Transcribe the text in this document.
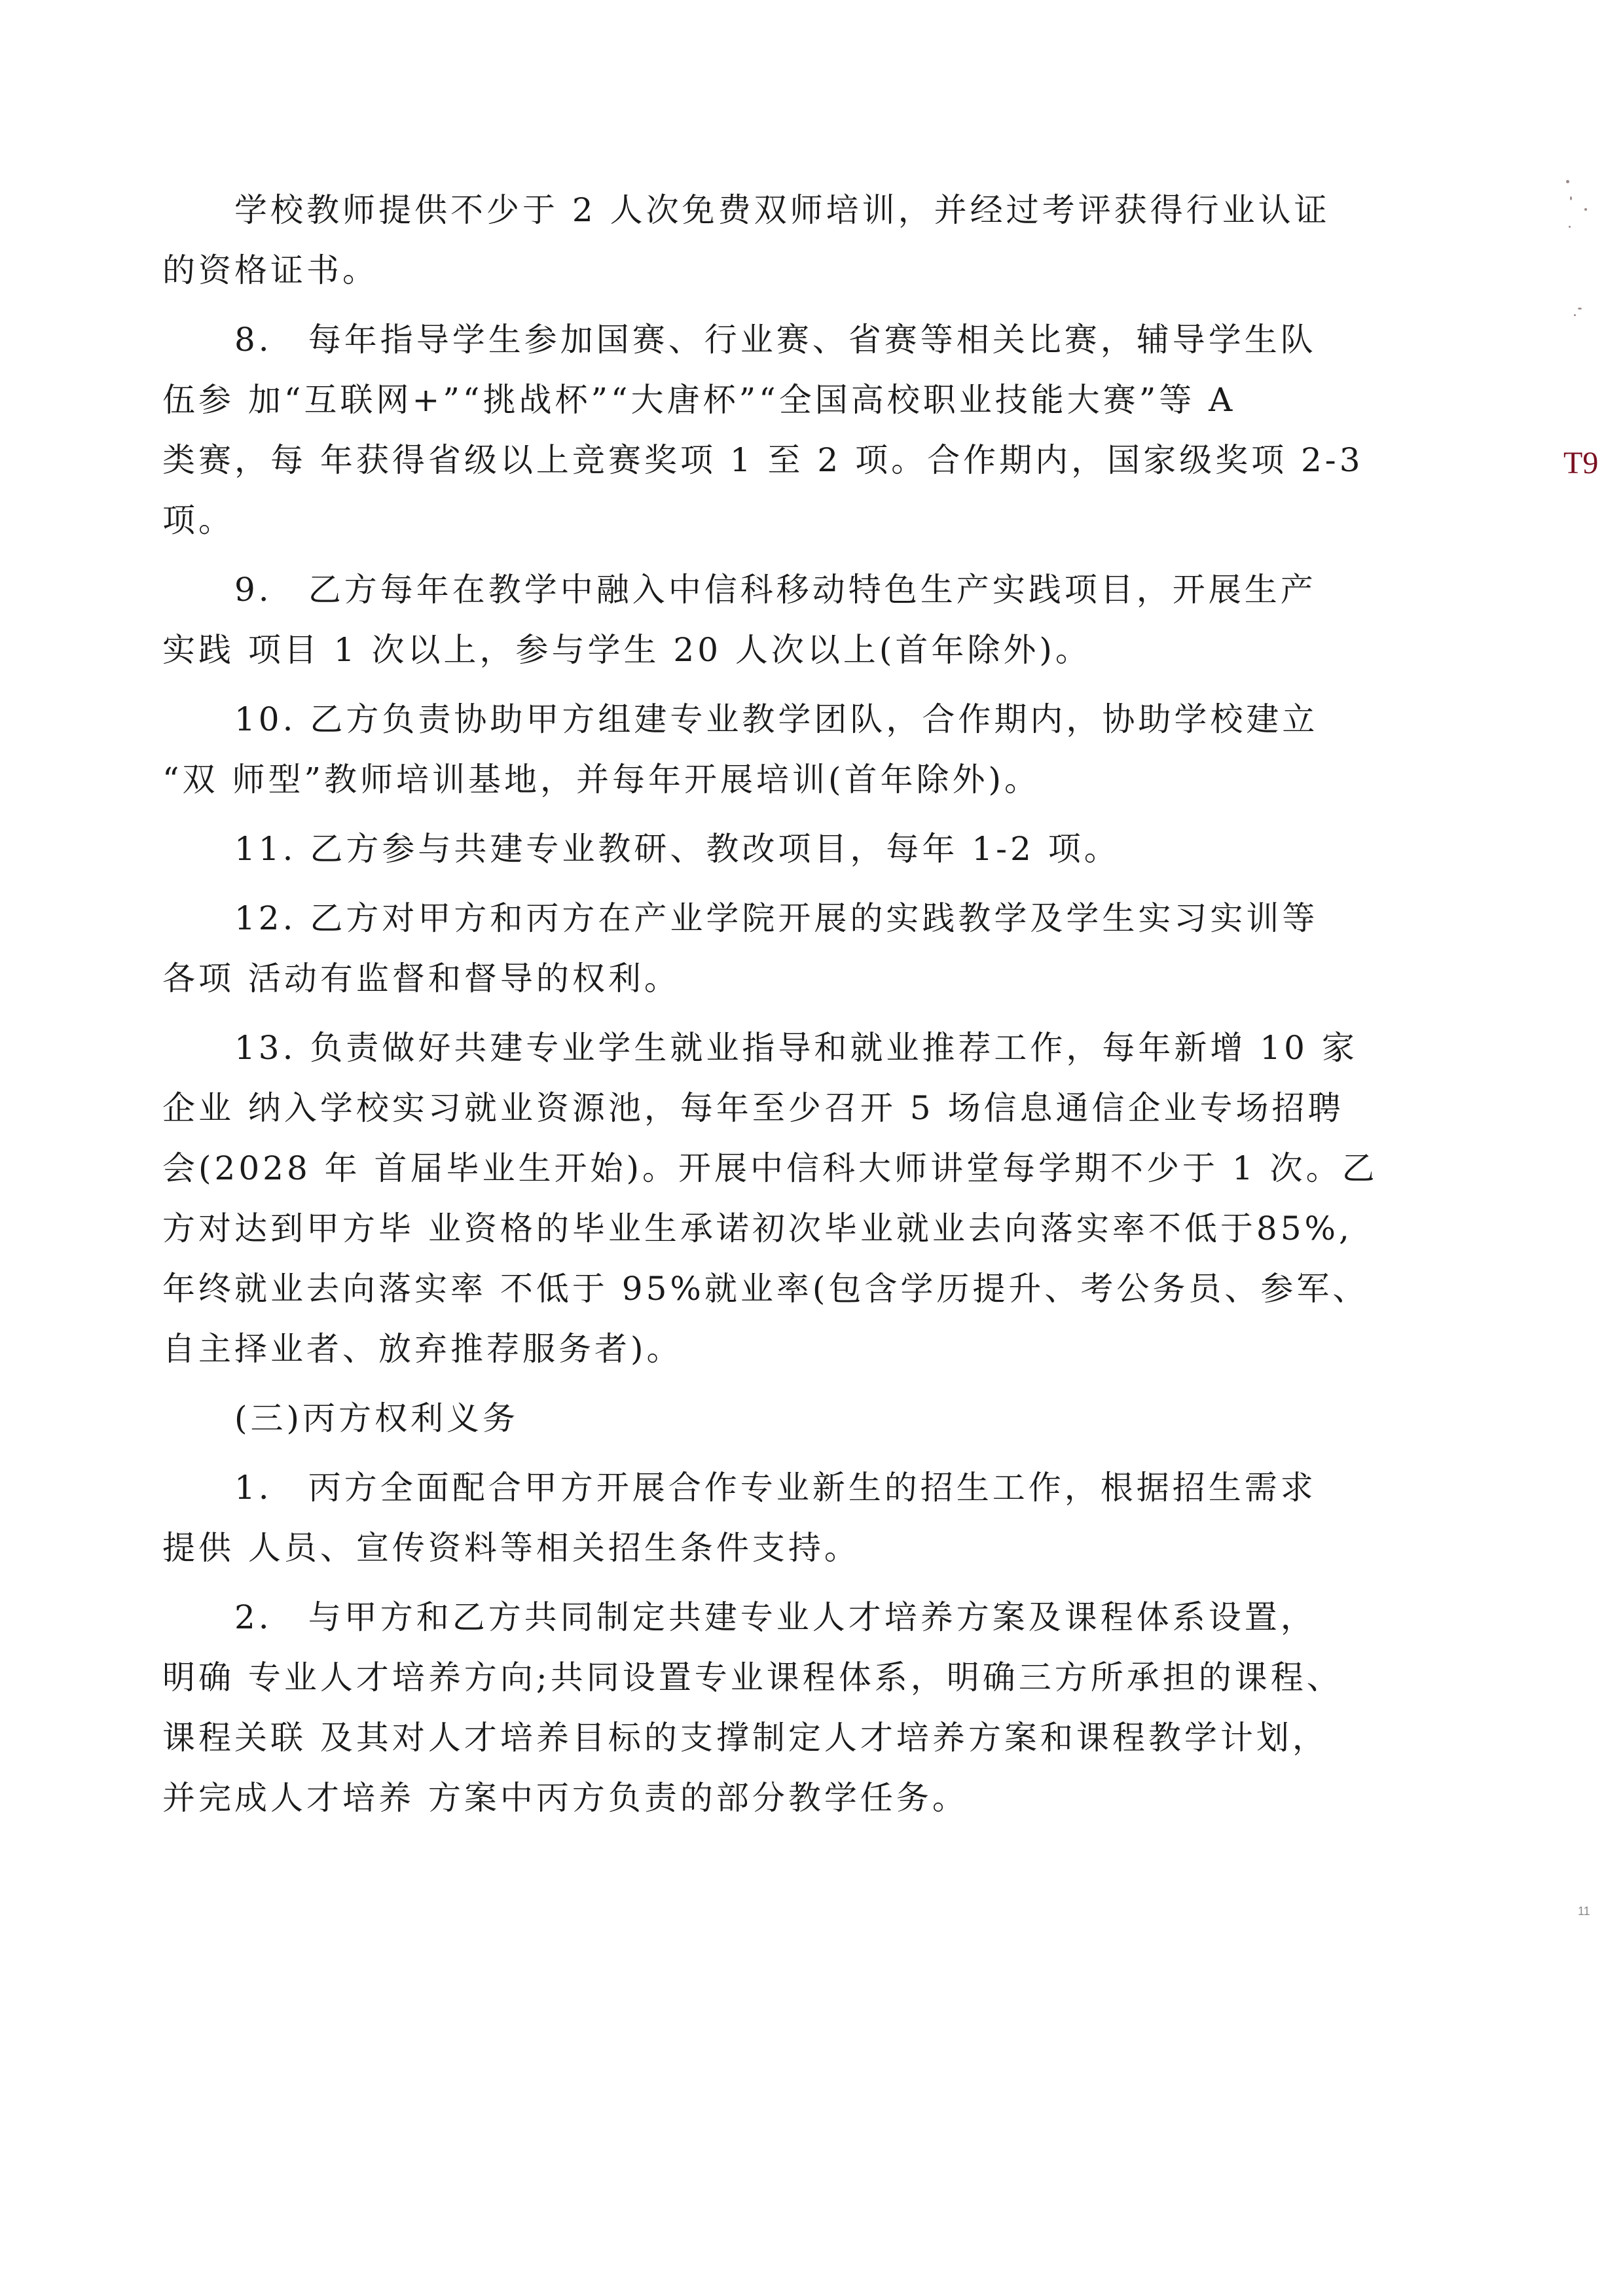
　　学校教师提供不少于 2 人次免费双师培训，并经过考评获得行业认证
的资格证书。

　　8.　每年指导学生参加国赛、行业赛、省赛等相关比赛，辅导学生队
伍参 加“互联网+”“挑战杯”“大唐杯”“全国高校职业技能大赛”等 A
类赛，每 年获得省级以上竞赛奖项 1 至 2 项。合作期内，国家级奖项 2-3
项。

　　9.　乙方每年在教学中融入中信科移动特色生产实践项目，开展生产
实践 项目 1 次以上，参与学生 20 人次以上(首年除外)。

　　10. 乙方负责协助甲方组建专业教学团队，合作期内，协助学校建立
“双 师型”教师培训基地，并每年开展培训(首年除外)。

　　11. 乙方参与共建专业教研、教改项目，每年 1-2 项。

　　12. 乙方对甲方和丙方在产业学院开展的实践教学及学生实习实训等
各项 活动有监督和督导的权利。

　　13. 负责做好共建专业学生就业指导和就业推荐工作，每年新增 10 家
企业 纳入学校实习就业资源池，每年至少召开 5 场信息通信企业专场招聘
会(2028 年 首届毕业生开始)。开展中信科大师讲堂每学期不少于 1 次。乙
方对达到甲方毕 业资格的毕业生承诺初次毕业就业去向落实率不低于85%,
年终就业去向落实率 不低于 95%就业率(包含学历提升、考公务员、参军、
自主择业者、放弃推荐服务者)。

　　(三)丙方权利义务

　　1.　丙方全面配合甲方开展合作专业新生的招生工作，根据招生需求
提供 人员、宣传资料等相关招生条件支持。

　　2.　与甲方和乙方共同制定共建专业人才培养方案及课程体系设置，
明确 专业人才培养方向;共同设置专业课程体系，明确三方所承担的课程、
课程关联 及其对人才培养目标的支撑制定人才培养方案和课程教学计划，
并完成人才培养 方案中丙方负责的部分教学任务。

T9
11
